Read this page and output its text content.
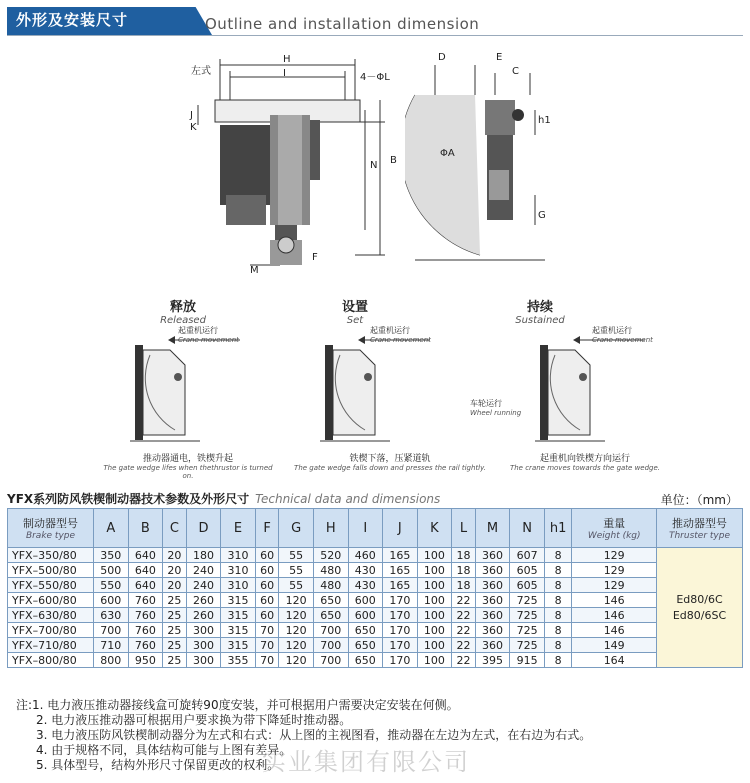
外形及安装尺寸	Outline and installation dimension
左式
H
I	4－ΦL
J
K
N B
M
F
D	E
C
h1
ΦA
G
释放
Released
设置
Set
持续
Sustained
起重机运行
Crane movement
起重机运行
Crane movement
起重机运行
Crane movement
车轮运行
Wheel running
推动器通电，铁楔升起
The gate wedge lifes when thethrustor is turned on.
铁楔下落，压紧道轨
The gate wedge falls down and presses the rail tightly.
起重机向铁楔方向运行
The crane moves towards the gate wedge.
YFX系列防风铁楔制动器技术参数及外形尺寸 Technical data and dimensions	单位：（mm）
制动器型号
Brake type	A	B	C	D	E	F	G	H	I	J	K	L	M	N	h1	重量
Weight (kg)	推动器型号
Thruster type

YFX–350/80	350	640	20	180	310	60	55	520	460	165	100	18	360	607	8	129	Ed80/6C
Ed80/6SC

YFX–500/80	500	640	20	240	310	60	55	480	430	165	100	18	360	605	8	129	
YFX–550/80	550	640	20	240	310	60	55	480	430	165	100	18	360	605	8	129	
YFX–600/80	600	760	25	260	315	60	120	650	600	170	100	22	360	725	8	146	
YFX–630/80	630	760	25	260	315	60	120	650	600	170	100	22	360	725	8	146	
YFX–700/80	700	760	25	300	315	70	120	700	650	170	100	22	360	725	8	146	
YFX–710/80	710	760	25	300	315	70	120	700	650	170	100	22	360	725	8	149	
YFX–800/80	800	950	25	300	355	70	120	700	650	170	100	22	395	915	8	164	
注:1. 电力液压推动器接线盒可旋转90度安装，并可根据用户需要决定安装在何侧。
2. 电力液压推动器可根据用户要求换为带下降延时推动器。
3. 电力液压防风铁楔制动器分为左式和右式：从上图的主视图看，推动器在左边为左式，在右边为右式。
4. 由于规格不同，具体结构可能与上图有差异。
5. 具体型号，结构外形尺寸保留更改的权利。
实业集团有限公司
